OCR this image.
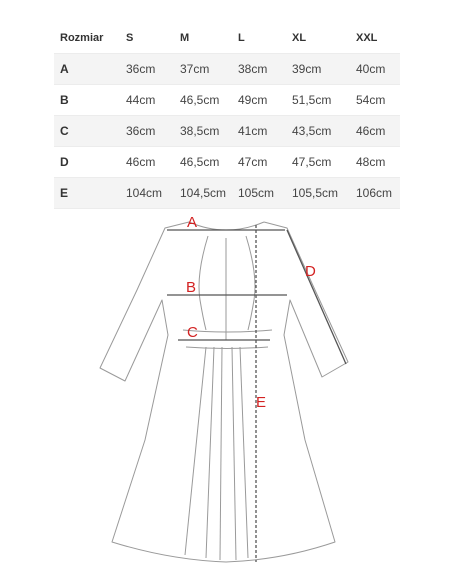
Rozmiar	S	M	L	XL	XXL
A	36cm	37cm	38cm	39cm	40cm
B	44cm	46,5cm	49cm	51,5cm	54cm
C	36cm	38,5cm	41cm	43,5cm	46cm
D	46cm	46,5cm	47cm	47,5cm	48cm
E	104cm	104,5cm 105cm	105,5cm	106cm
A
B
C
D
E
